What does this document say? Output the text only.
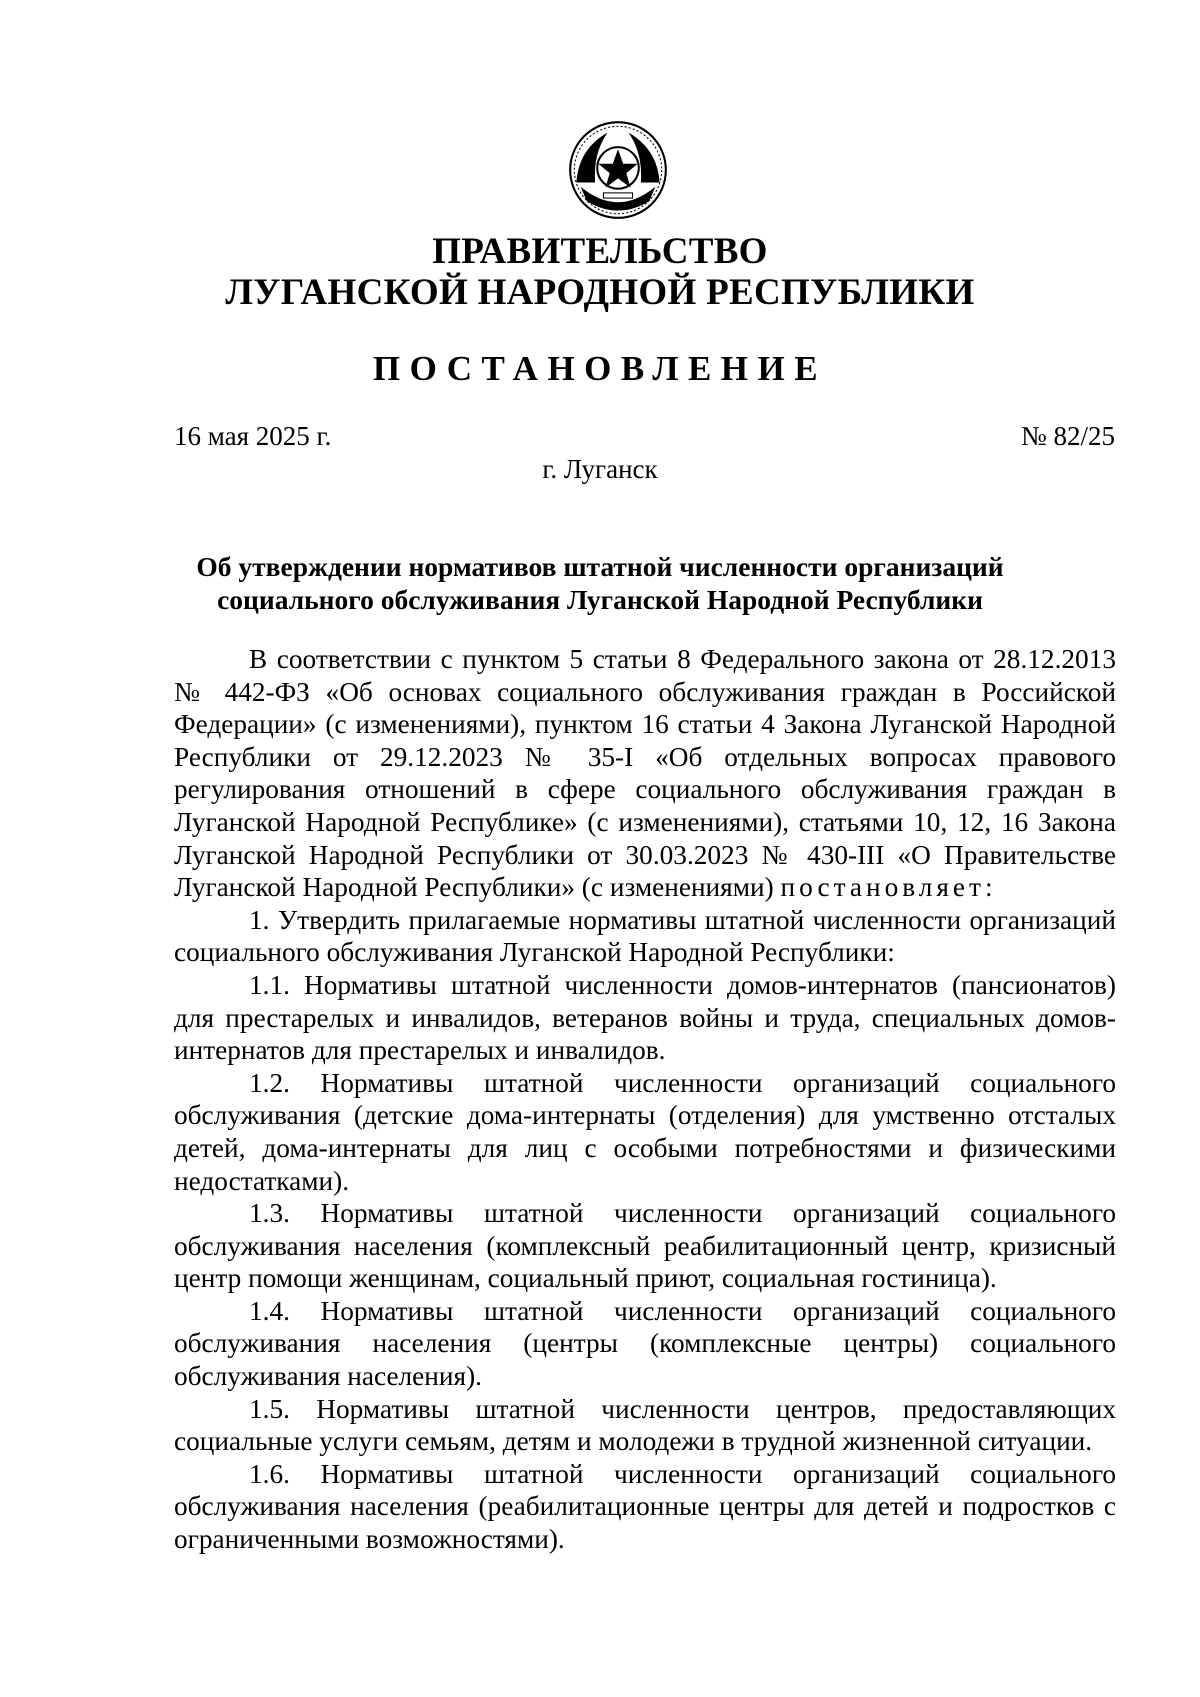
ПРАВИТЕЛЬСТВО
ЛУГАНСКОЙ НАРОДНОЙ РЕСПУБЛИКИ
ПОСТАНОВЛЕНИЕ
16 мая 2025 г.	№ 82/25
г. Луганск
Об утверждении нормативов штатной численности организаций
социального обслуживания Луганской Народной Республики

В соответствии с пунктом 5 статьи 8 Федерального закона от 28.12.2013 № 442-ФЗ «Об основах социального обслуживания граждан в Российской Федерации» (с изменениями), пунктом 16 статьи 4 Закона Луганской Народной Республики от 29.12.2023 № 35-I «Об отдельных вопросах правового регулирования отношений в сфере социального обслуживания граждан в Луганской Народной Республике» (с изменениями), статьями 10, 12, 16 Закона Луганской Народной Республики от 30.03.2023 № 430-III «О Правительстве Луганской Народной Республики» (с изменениями) постановляет:

1. Утвердить прилагаемые нормативы штатной численности организаций социального обслуживания Луганской Народной Республики:

1.1. Нормативы штатной численности домов-интернатов (пансионатов) для престарелых и инвалидов, ветеранов войны и труда, специальных домов-интернатов для престарелых и инвалидов.

1.2. Нормативы штатной численности организаций социального обслуживания (детские дома-интернаты (отделения) для умственно отсталых детей, дома-интернаты для лиц с особыми потребностями и физическими недостатками).

1.3. Нормативы штатной численности организаций социального обслуживания населения (комплексный реабилитационный центр, кризисный центр помощи женщинам, социальный приют, социальная гостиница).

1.4. Нормативы штатной численности организаций социального обслуживания населения (центры (комплексные центры) социального обслуживания населения).

1.5. Нормативы штатной численности центров, предоставляющих социальные услуги семьям, детям и молодежи в трудной жизненной ситуации.

1.6. Нормативы штатной численности организаций социального обслуживания населения (реабилитационные центры для детей и подростков с ограниченными возможностями).
